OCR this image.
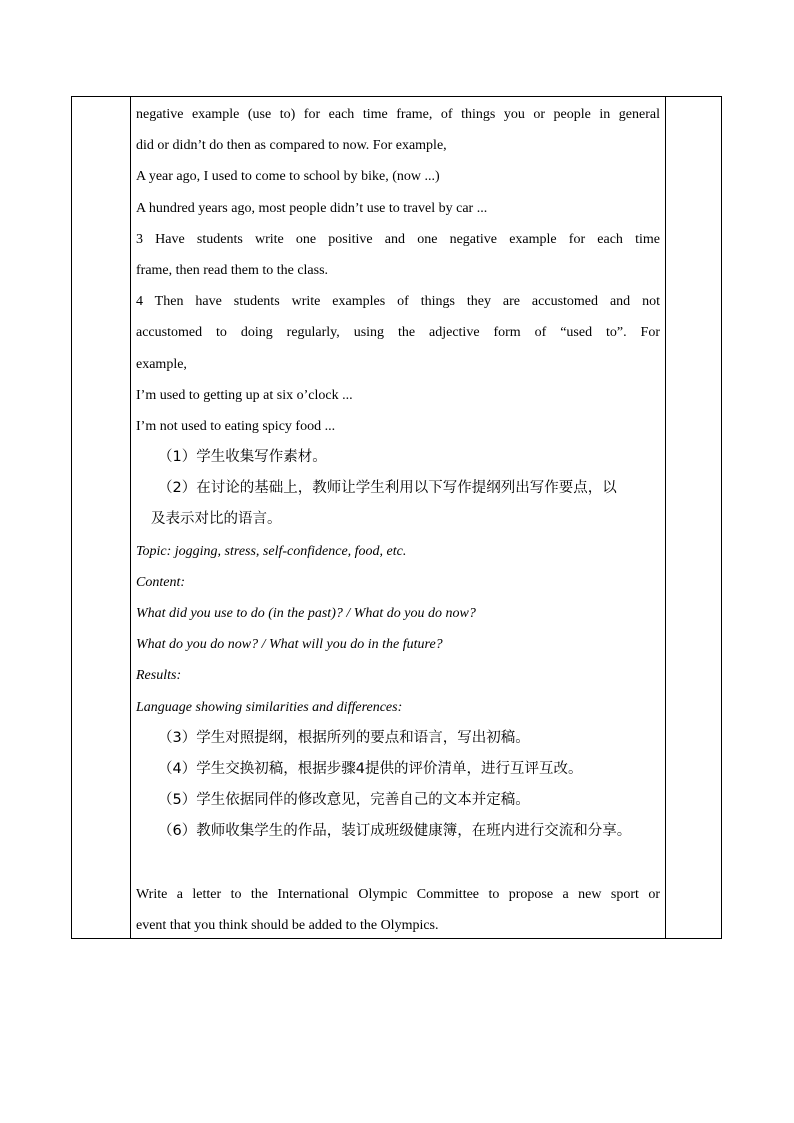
negative example (use to) for each time frame, of things you or people in general
did or didn’t do then as compared to now. For example,
A year ago, I used to come to school by bike, (now ...)
A hundred years ago, most people didn’t use to travel by car ...
3 Have students write one positive and one negative example for each time
frame, then read them to the class.
4 Then have students write examples of things they are accustomed and not
accustomed to doing regularly, using the adjective form of “used to”. For
example,
I’m used to getting up at six o’clock ...
I’m not used to eating spicy food ...
（1）学生收集写作素材。
（2）在讨论的基础上，教师让学生利用以下写作提纲列出写作要点，以
及表示对比的语言。
Topic: jogging, stress, self-confidence, food, etc.
Content:
What did you use to do (in the past)? / What do you do now?
What do you do now? / What will you do in the future?
Results:
Language showing similarities and differences:
（3）学生对照提纲，根据所列的要点和语言，写出初稿。
（4）学生交换初稿，根据步骤4提供的评价清单，进行互评互改。
（5）学生依据同伴的修改意见，完善自己的文本并定稿。
（6）教师收集学生的作品，装订成班级健康簿，在班内进行交流和分享。
Write a letter to the International Olympic Committee to propose a new sport or
event that you think should be added to the Olympics.
